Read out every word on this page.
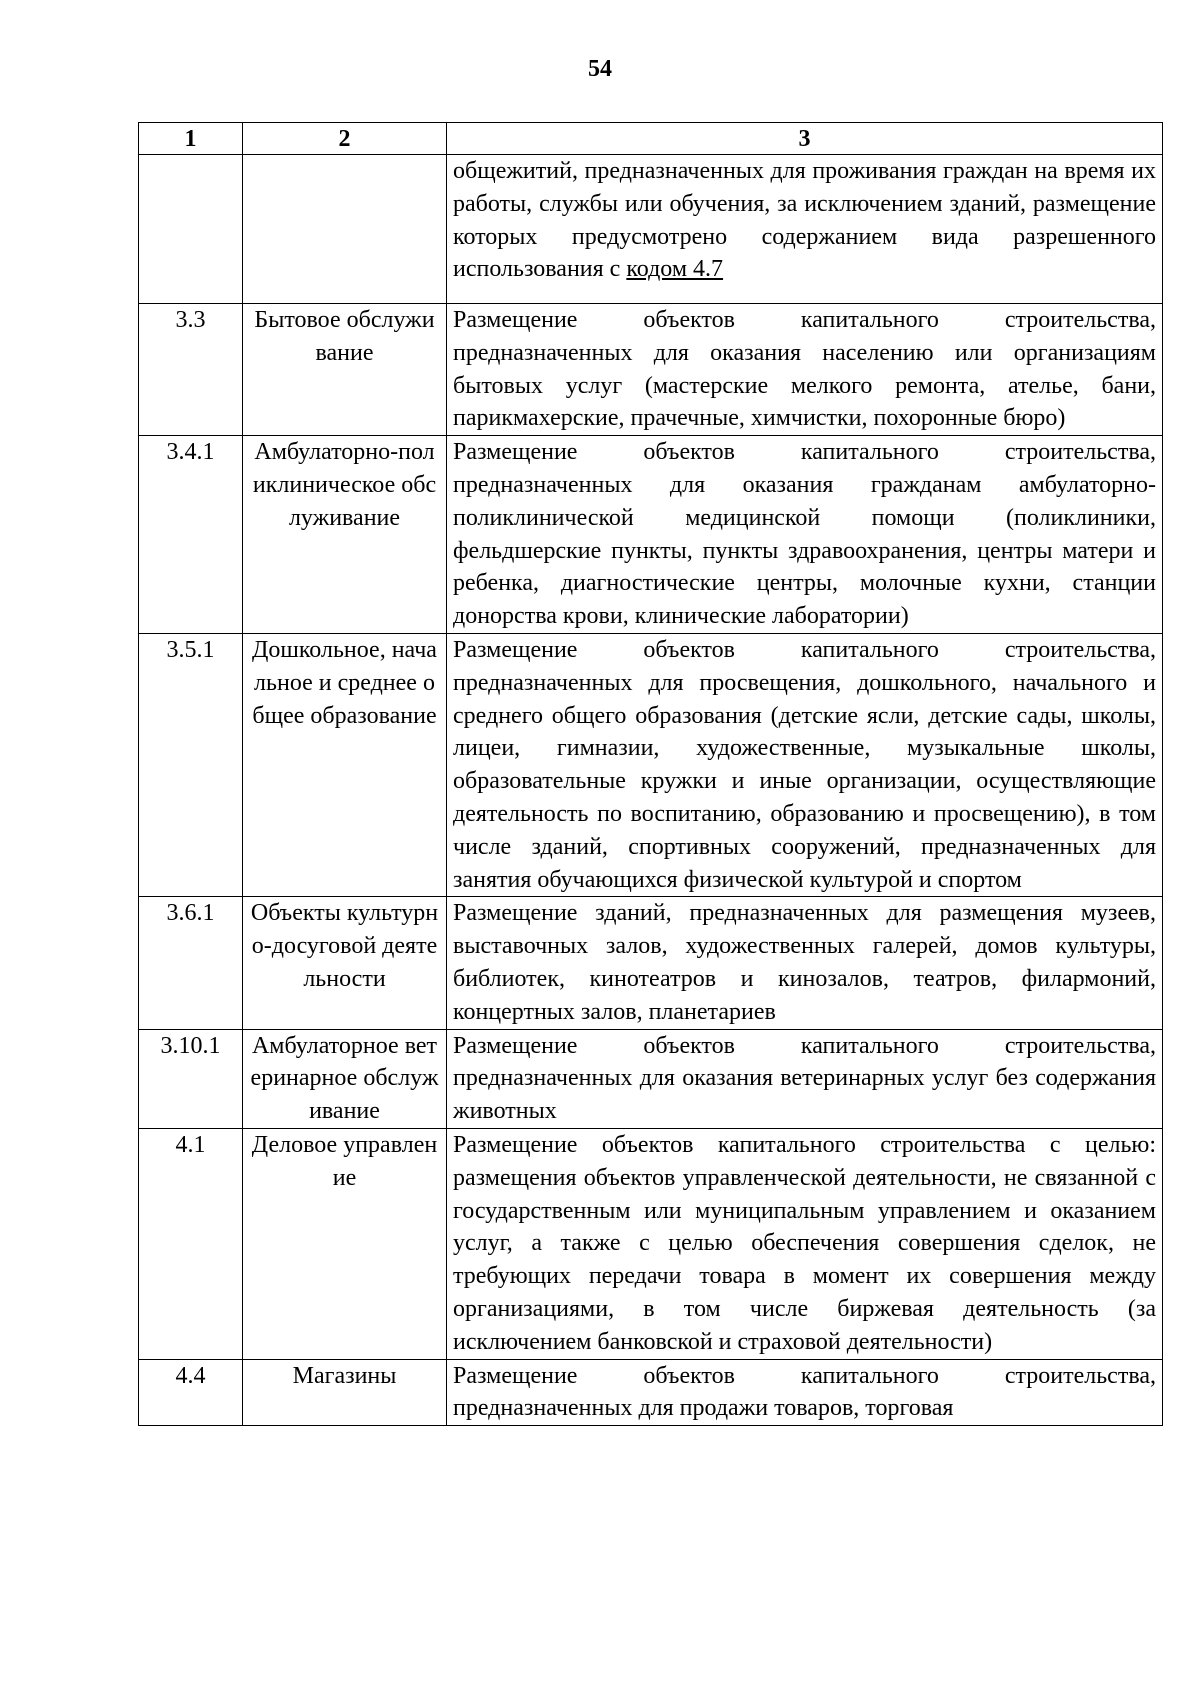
54
1	2	3
		общежитий, предназначенных для проживания граждан на время их работы, службы или обучения, за исключением зданий, размещение которых предусмотрено содержанием вида разрешенного использования с кодом 4.7
3.3	Бытовое обслуживание	Размещение объектов капитального строительства, предназначенных для оказания населению или организациям бытовых услуг (мастерские мелкого ремонта, ателье, бани, парикмахерские, прачечные, химчистки, похоронные бюро)
3.4.1	Амбулаторно-поликлиническое обслуживание	Размещение объектов капитального строительства, предназначенных для оказания гражданам амбулаторно-поликлинической медицинской помощи (поликлиники, фельдшерские пункты, пункты здравоохранения, центры матери и ребенка, диагностические центры, молочные кухни, станции донорства крови, клинические лаборатории)
3.5.1	Дошкольное, начальное и среднее общее образование	Размещение объектов капитального строительства, предназначенных для просвещения, дошкольного, начального и среднего общего образования (детские ясли, детские сады, школы, лицеи, гимназии, художественные, музыкальные школы, образовательные кружки и иные организации, осуществляющие деятельность по воспитанию, образованию и просвещению), в том числе зданий, спортивных сооружений, предназначенных для занятия обучающихся физической культурой и спортом
3.6.1	Объекты культурно-досуговой деятельности	Размещение зданий, предназначенных для размещения музеев, выставочных залов, художественных галерей, домов культуры, библиотек, кинотеатров и кинозалов, театров, филармоний, концертных залов, планетариев
3.10.1	Амбулаторное ветеринарное обслуживание	Размещение объектов капитального строительства, предназначенных для оказания ветеринарных услуг без содержания животных
4.1	Деловое управление	Размещение объектов капитального строительства с целью: размещения объектов управленческой деятельности, не связанной с государственным или муниципальным управлением и оказанием услуг, а также с целью обеспечения совершения сделок, не требующих передачи товара в момент их совершения между организациями, в том числе биржевая деятельность (за исключением банковской и страховой деятельности)
4.4	Магазины	Размещение объектов капитального строительства, предназначенных для продажи товаров, торговая
